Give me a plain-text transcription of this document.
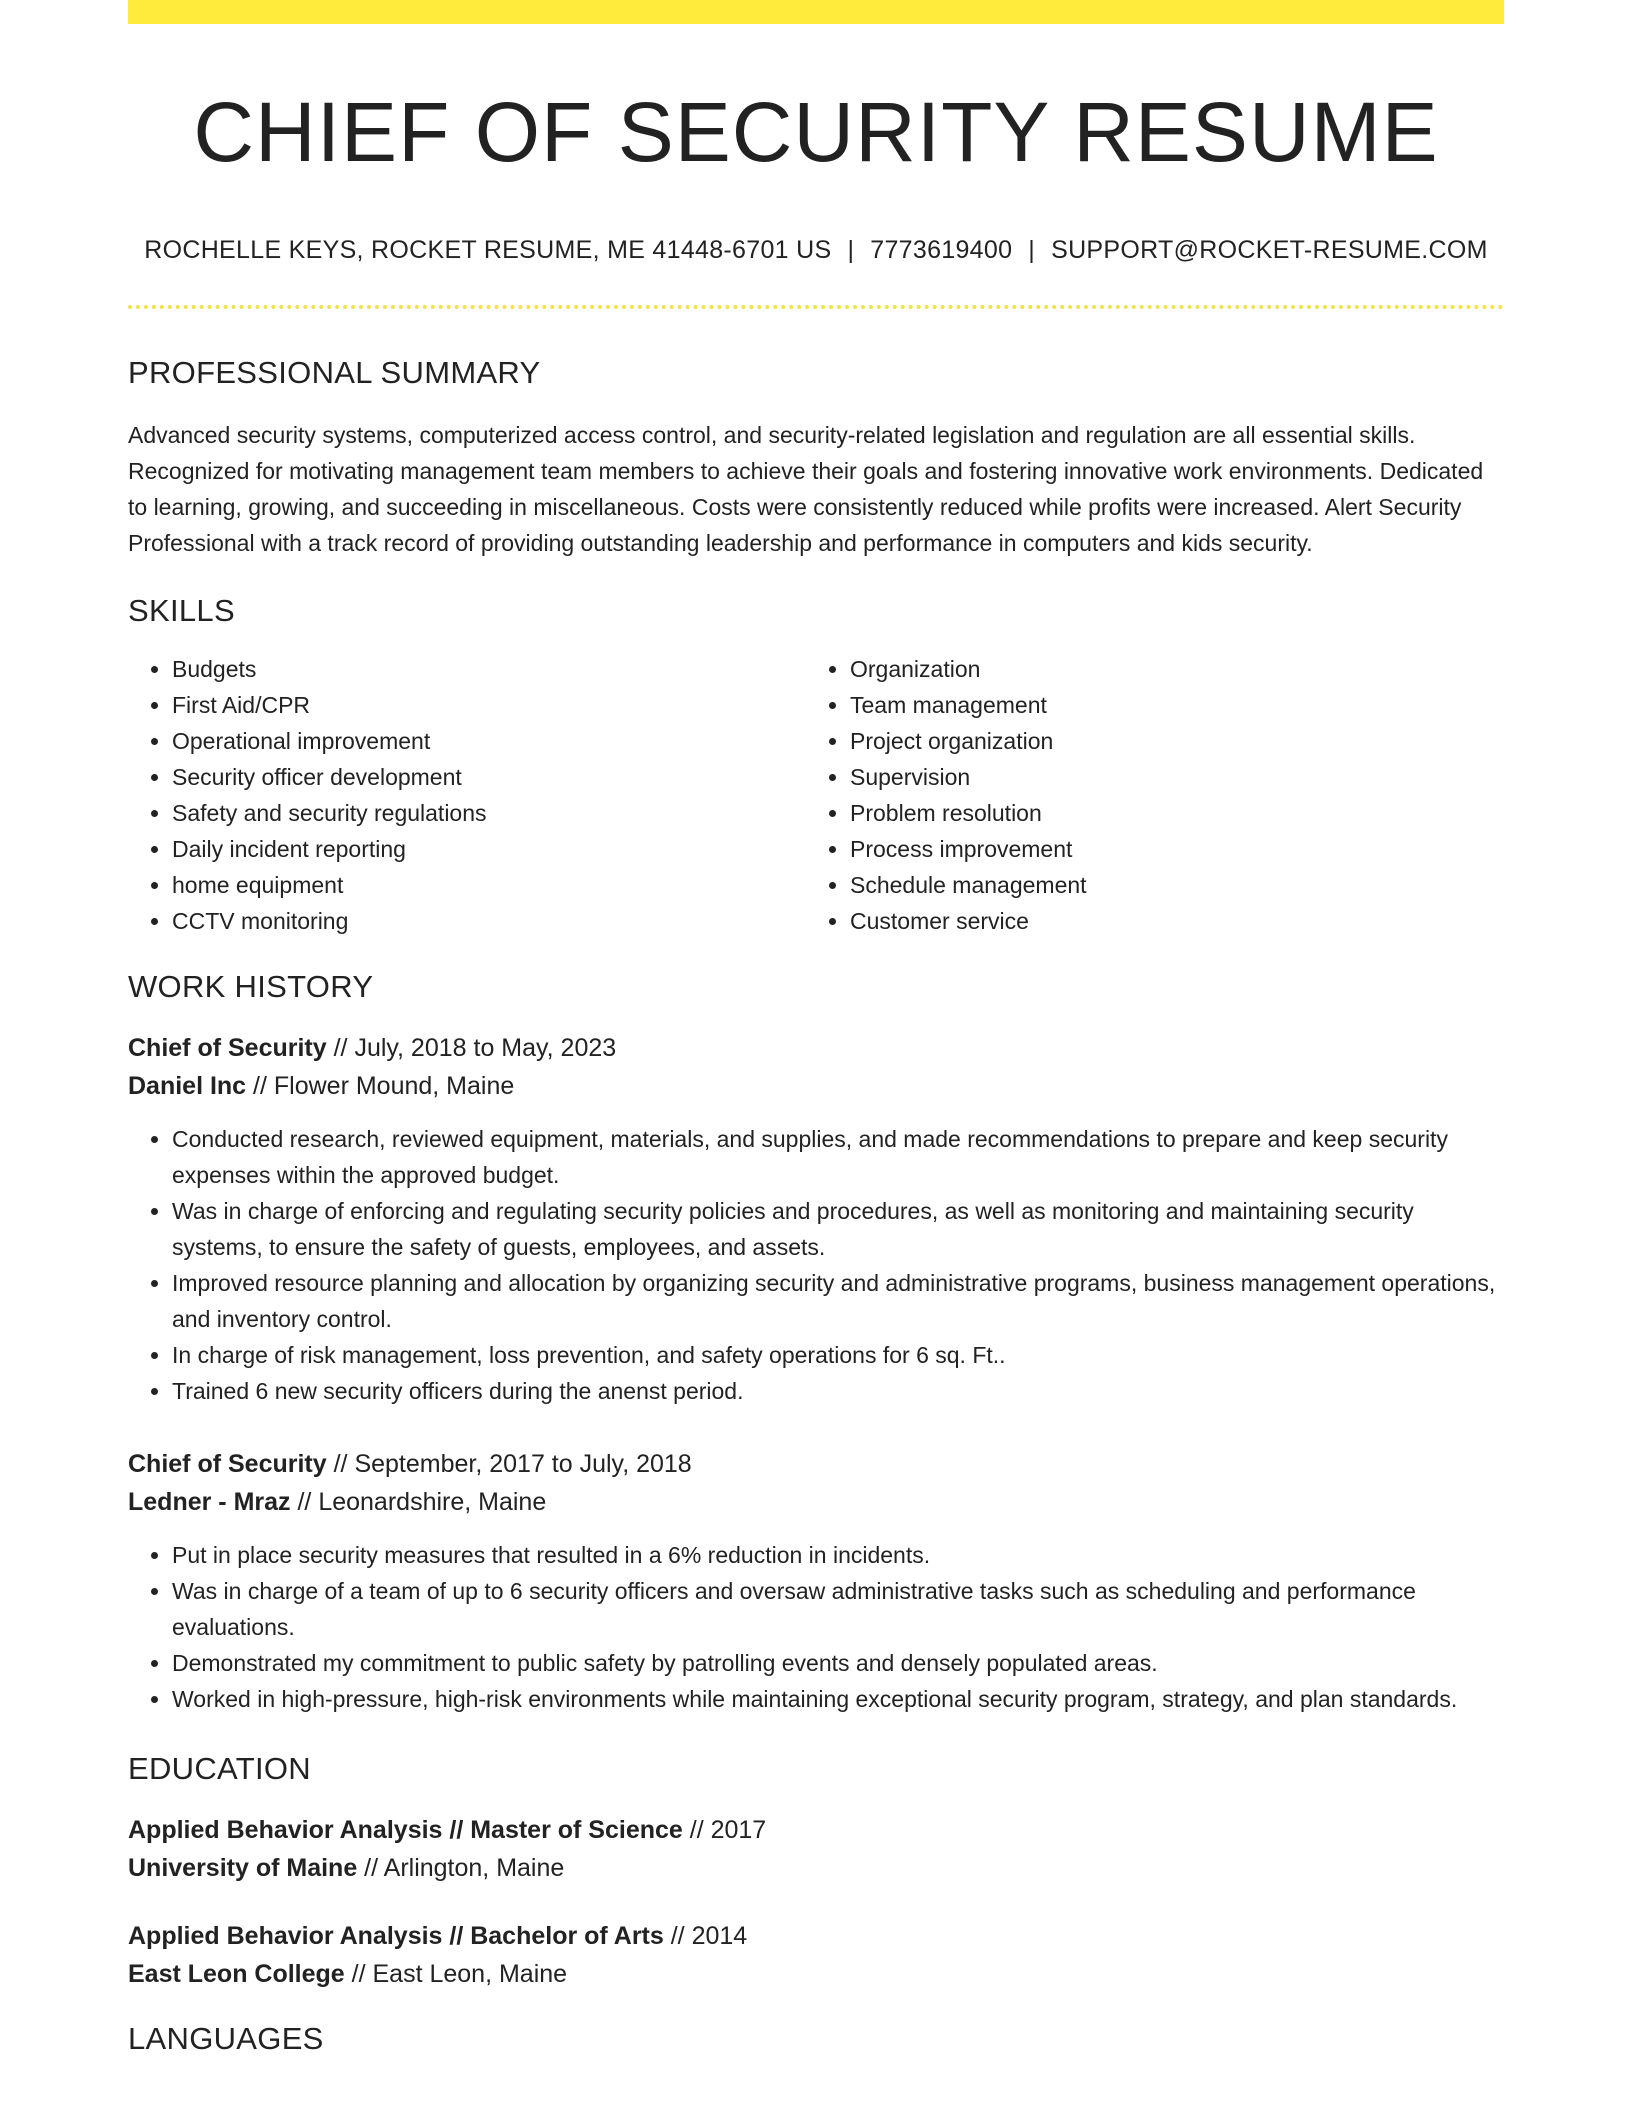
CHIEF OF SECURITY RESUME
ROCHELLE KEYS, ROCKET RESUME, ME 41448-6701 US | 7773619400 | SUPPORT@ROCKET-RESUME.COM
PROFESSIONAL SUMMARY
Advanced security systems, computerized access control, and security-related legislation and regulation are all essential skills. Recognized for motivating management team members to achieve their goals and fostering innovative work environments. Dedicated to learning, growing, and succeeding in miscellaneous. Costs were consistently reduced while profits were increased. Alert Security Professional with a track record of providing outstanding leadership and performance in computers and kids security.
SKILLS
• Budgets
• First Aid/CPR
• Operational improvement
• Security officer development
• Safety and security regulations
• Daily incident reporting
• home equipment
• CCTV monitoring
• Organization
• Team management
• Project organization
• Supervision
• Problem resolution
• Process improvement
• Schedule management
• Customer service
WORK HISTORY
Chief of Security // July, 2018 to May, 2023
Daniel Inc // Flower Mound, Maine
• Conducted research, reviewed equipment, materials, and supplies, and made recommendations to prepare and keep security expenses within the approved budget.
• Was in charge of enforcing and regulating security policies and procedures, as well as monitoring and maintaining security systems, to ensure the safety of guests, employees, and assets.
• Improved resource planning and allocation by organizing security and administrative programs, business management operations, and inventory control.
• In charge of risk management, loss prevention, and safety operations for 6 sq. Ft..
• Trained 6 new security officers during the anenst period.
Chief of Security // September, 2017 to July, 2018
Ledner - Mraz // Leonardshire, Maine
• Put in place security measures that resulted in a 6% reduction in incidents.
• Was in charge of a team of up to 6 security officers and oversaw administrative tasks such as scheduling and performance evaluations.
• Demonstrated my commitment to public safety by patrolling events and densely populated areas.
• Worked in high-pressure, high-risk environments while maintaining exceptional security program, strategy, and plan standards.
EDUCATION
Applied Behavior Analysis // Master of Science // 2017
University of Maine // Arlington, Maine
Applied Behavior Analysis // Bachelor of Arts // 2014
East Leon College // East Leon, Maine
LANGUAGES
